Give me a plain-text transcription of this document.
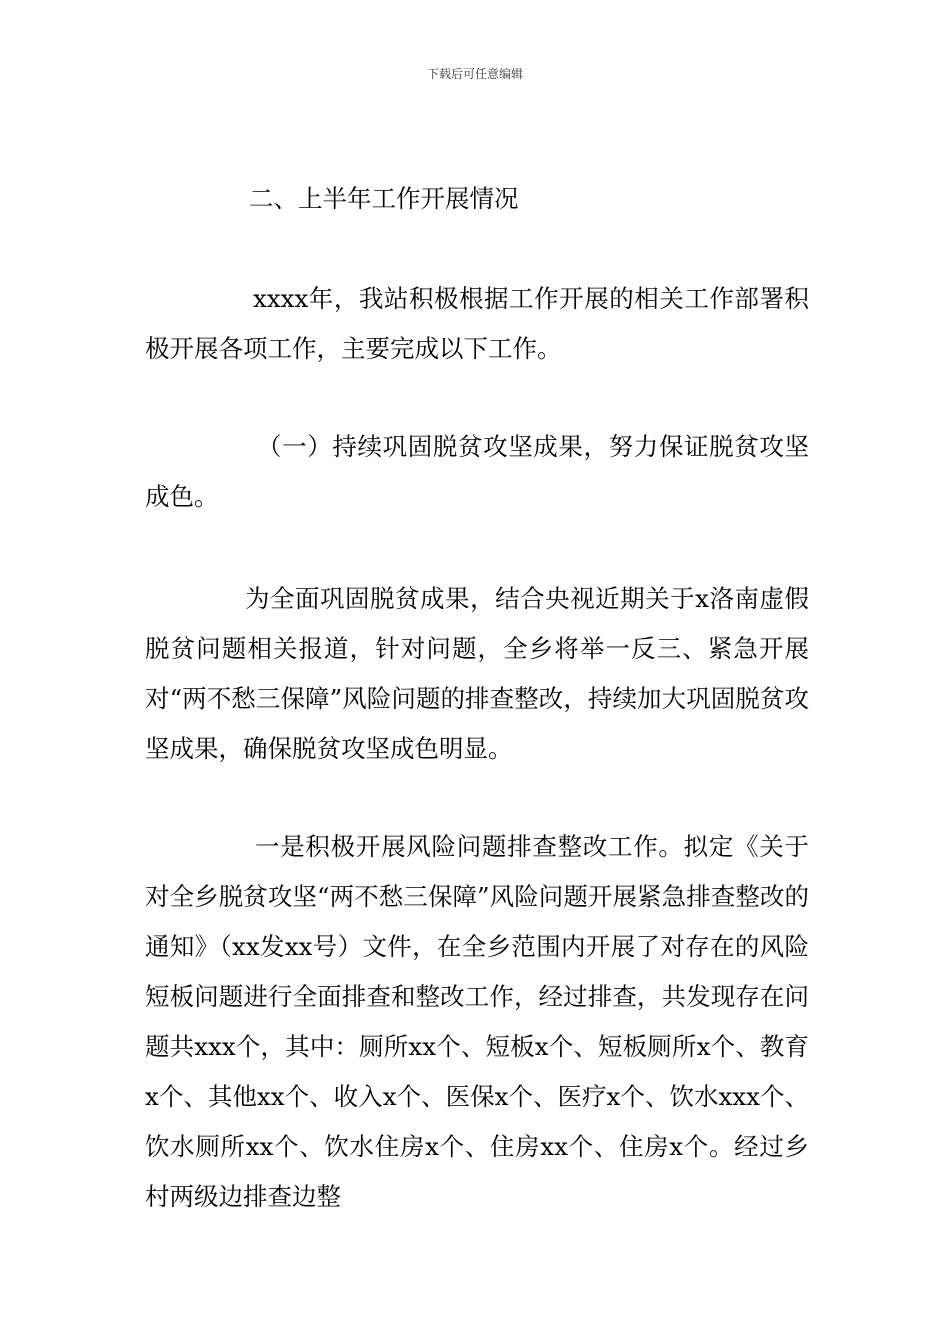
下载后可任意编辑

二、上半年工作开展情况

xxxx年，我站积极根据工作开展的相关工作部署积极开展各项工作，主要完成以下工作。

（一）持续巩固脱贫攻坚成果，努力保证脱贫攻坚成色。

为全面巩固脱贫成果，结合央视近期关于x洛南虚假脱贫问题相关报道，针对问题，全乡将举一反三、紧急开展对“两不愁三保障”风险问题的排查整改，持续加大巩固脱贫攻坚成果，确保脱贫攻坚成色明显。

一是积极开展风险问题排查整改工作。拟定《关于对全乡脱贫攻坚“两不愁三保障”风险问题开展紧急排查整改的通知》（xx发xx号）文件，在全乡范围内开展了对存在的风险短板问题进行全面排查和整改工作，经过排查，共发现存在问题共xxx个，其中：厕所xx个、短板x个、短板厕所x个、教育x个、其他xx个、收入x个、医保x个、医疗x个、饮水xxx个、饮水厕所xx个、饮水住房x个、住房xx个、住房x个。经过乡村两级边排查边整
